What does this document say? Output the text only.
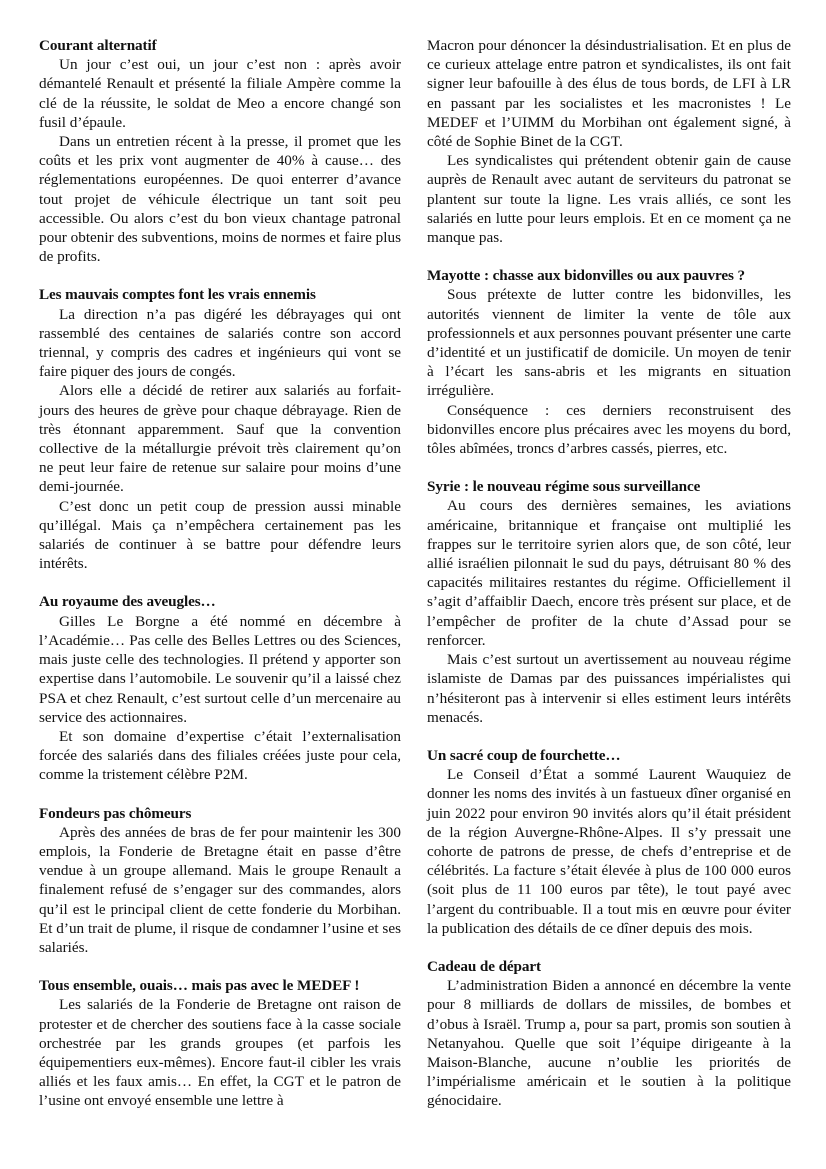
Courant alternatif

Un jour c’est oui, un jour c’est non : après avoir démantelé Renault et présenté la filiale Ampère comme la clé de la réussite, le soldat de Meo a encore changé son fusil d’épaule.

Dans un entretien récent à la presse, il promet que les coûts et les prix vont augmenter de 40% à cause… des réglementations européennes. De quoi enterrer d’avance tout projet de véhicule électrique un tant soit peu accessible. Ou alors c’est du bon vieux chantage patronal pour obtenir des subventions, moins de normes et faire plus de profits.

Les mauvais comptes font les vrais ennemis

La direction n’a pas digéré les débrayages qui ont rassemblé des centaines de salariés contre son accord triennal, y compris des cadres et ingénieurs qui vont se faire piquer des jours de congés.

Alors elle a décidé de retirer aux salariés au forfait-jours des heures de grève pour chaque débrayage. Rien de très étonnant apparemment. Sauf que la convention collective de la métallurgie prévoit très clairement qu’on ne peut leur faire de retenue sur salaire pour moins d’une demi-journée.

C’est donc un petit coup de pression aussi minable qu’illégal. Mais ça n’empêchera certainement pas les salariés de continuer à se battre pour défendre leurs intérêts.

Au royaume des aveugles…

Gilles Le Borgne a été nommé en décembre à l’Académie… Pas celle des Belles Lettres ou des Sciences, mais juste celle des technologies. Il prétend y apporter son expertise dans l’automobile. Le souvenir qu’il a laissé chez PSA et chez Renault, c’est surtout celle d’un mercenaire au service des actionnaires.

Et son domaine d’expertise c’était l’externalisation forcée des salariés dans des filiales créées juste pour cela, comme la tristement célèbre P2M.

Fondeurs pas chômeurs

Après des années de bras de fer pour maintenir les 300 emplois, la Fonderie de Bretagne était en passe d’être vendue à un groupe allemand. Mais le groupe Renault a finalement refusé de s’engager sur des commandes, alors qu’il est le principal client de cette fonderie du Morbihan. Et d’un trait de plume, il risque de condamner l’usine et ses salariés.

Tous ensemble, ouais… mais pas avec le MEDEF !

Les salariés de la Fonderie de Bretagne ont raison de protester et de chercher des soutiens face à la casse sociale orchestrée par les grands groupes (et parfois les équipementiers eux-mêmes). Encore faut-il cibler les vrais alliés et les faux amis… En effet, la CGT et le patron de l’usine ont envoyé ensemble une lettre à

Macron pour dénoncer la désindustrialisation. Et en plus de ce curieux attelage entre patron et syndicalistes, ils ont fait signer leur bafouille à des élus de tous bords, de LFI à LR en passant par les socialistes et les macronistes ! Le MEDEF et l’UIMM du Morbihan ont également signé, à côté de Sophie Binet de la CGT.

Les syndicalistes qui prétendent obtenir gain de cause auprès de Renault avec autant de serviteurs du patronat se plantent sur toute la ligne. Les vrais alliés, ce sont les salariés en lutte pour leurs emplois. Et en ce moment ça ne manque pas.

Mayotte : chasse aux bidonvilles ou aux pauvres ?

Sous prétexte de lutter contre les bidonvilles, les autorités viennent de limiter la vente de tôle aux professionnels et aux personnes pouvant présenter une carte d’identité et un justificatif de domicile. Un moyen de tenir à l’écart les sans-abris et les migrants en situation irrégulière.

Conséquence : ces derniers reconstruisent des bidonvilles encore plus précaires avec les moyens du bord, tôles abîmées, troncs d’arbres cassés, pierres, etc.

Syrie : le nouveau régime sous surveillance

Au cours des dernières semaines, les aviations américaine, britannique et française ont multiplié les frappes sur le territoire syrien alors que, de son côté, leur allié israélien pilonnait le sud du pays, détruisant 80 % des capacités militaires restantes du régime. Officiellement il s’agit d’affaiblir Daech, encore très présent sur place, et de l’empêcher de profiter de la chute d’Assad pour se renforcer.

Mais c’est surtout un avertissement au nouveau régime islamiste de Damas par des puissances impérialistes qui n’hésiteront pas à intervenir si elles estiment leurs intérêts menacés.

Un sacré coup de fourchette…

Le Conseil d’État a sommé Laurent Wauquiez de donner les noms des invités à un fastueux dîner organisé en juin 2022 pour environ 90 invités alors qu’il était président de la région Auvergne-Rhône-Alpes. Il s’y pressait une cohorte de patrons de presse, de chefs d’entreprise et de célébrités. La facture s’était élevée à plus de 100 000 euros (soit plus de 11 100 euros par tête), le tout payé avec l’argent du contribuable. Il a tout mis en œuvre pour éviter la publication des détails de ce dîner depuis des mois.

Cadeau de départ

L’administration Biden a annoncé en décembre la vente pour 8 milliards de dollars de missiles, de bombes et d’obus à Israël. Trump a, pour sa part, promis son soutien à Netanyahou. Quelle que soit l’équipe dirigeante à la Maison-Blanche, aucune n’oublie les priorités de l’impérialisme américain et le soutien à la politique génocidaire.
